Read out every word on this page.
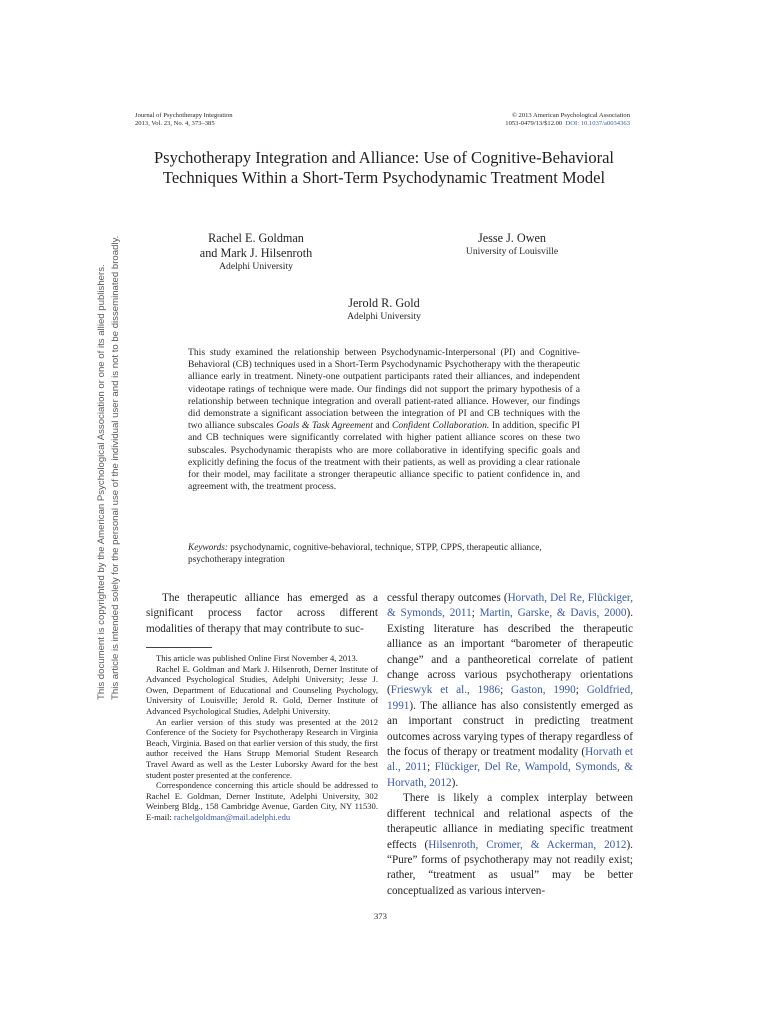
Journal of Psychotherapy Integration
2013, Vol. 23, No. 4, 373–385
© 2013 American Psychological Association
1053-0479/13/$12.00 DOI: 10.1037/a0034363
Psychotherapy Integration and Alliance: Use of Cognitive-Behavioral Techniques Within a Short-Term Psychodynamic Treatment Model
Rachel E. Goldman
and Mark J. Hilsenroth
Adelphi University
Jesse J. Owen
University of Louisville
Jerold R. Gold
Adelphi University
This study examined the relationship between Psychodynamic-Interpersonal (PI) and Cognitive-Behavioral (CB) techniques used in a Short-Term Psychodynamic Psychotherapy with the therapeutic alliance early in treatment. Ninety-one outpatient participants rated their alliances, and independent videotape ratings of technique were made. Our findings did not support the primary hypothesis of a relationship between technique integration and overall patient-rated alliance. However, our findings did demonstrate a significant association between the integration of PI and CB techniques with the two alliance subscales Goals & Task Agreement and Confident Collaboration. In addition, specific PI and CB techniques were significantly correlated with higher patient alliance scores on these two subscales. Psychodynamic therapists who are more collaborative in identifying specific goals and explicitly defining the focus of the treatment with their patients, as well as providing a clear rationale for their model, may facilitate a stronger therapeutic alliance specific to patient confidence in, and agreement with, the treatment process.
Keywords: psychodynamic, cognitive-behavioral, technique, STPP, CPPS, therapeutic alliance, psychotherapy integration

The therapeutic alliance has emerged as a significant process factor across different modalities of therapy that may contribute to suc-

This article was published Online First November 4, 2013.

Rachel E. Goldman and Mark J. Hilsenroth, Derner Institute of Advanced Psychological Studies, Adelphi University; Jesse J. Owen, Department of Educational and Counseling Psychology, University of Louisville; Jerold R. Gold, Derner Institute of Advanced Psychological Studies, Adelphi University.

An earlier version of this study was presented at the 2012 Conference of the Society for Psychotherapy Research in Virginia Beach, Virginia. Based on that earlier version of this study, the first author received the Hans Strupp Memorial Student Research Travel Award as well as the Lester Luborsky Award for the best student poster presented at the conference.

Correspondence concerning this article should be addressed to Rachel E. Goldman, Derner Institute, Adelphi University, 302 Weinberg Bldg., 158 Cambridge Avenue, Garden City, NY 11530. E-mail: rachelgoldman@mail.adelphi.edu

cessful therapy outcomes (Horvath, Del Re, Flückiger, & Symonds, 2011; Martin, Garske, & Davis, 2000). Existing literature has described the therapeutic alliance as an important “barometer of therapeutic change” and a pantheoretical correlate of patient change across various psychotherapy orientations (Frieswyk et al., 1986; Gaston, 1990; Goldfried, 1991). The alliance has also consistently emerged as an important construct in predicting treatment outcomes across varying types of therapy regardless of the focus of therapy or treatment modality (Horvath et al., 2011; Flückiger, Del Re, Wampold, Symonds, & Horvath, 2012).

There is likely a complex interplay between different technical and relational aspects of the therapeutic alliance in mediating specific treatment effects (Hilsenroth, Cromer, & Ackerman, 2012). “Pure” forms of psychotherapy may not readily exist; rather, “treatment as usual” may be better conceptualized as various interven-

373
This document is copyrighted by the American Psychological Association or one of its allied publishers. This article is intended solely for the personal use of the individual user and is not to be disseminated broadly.
